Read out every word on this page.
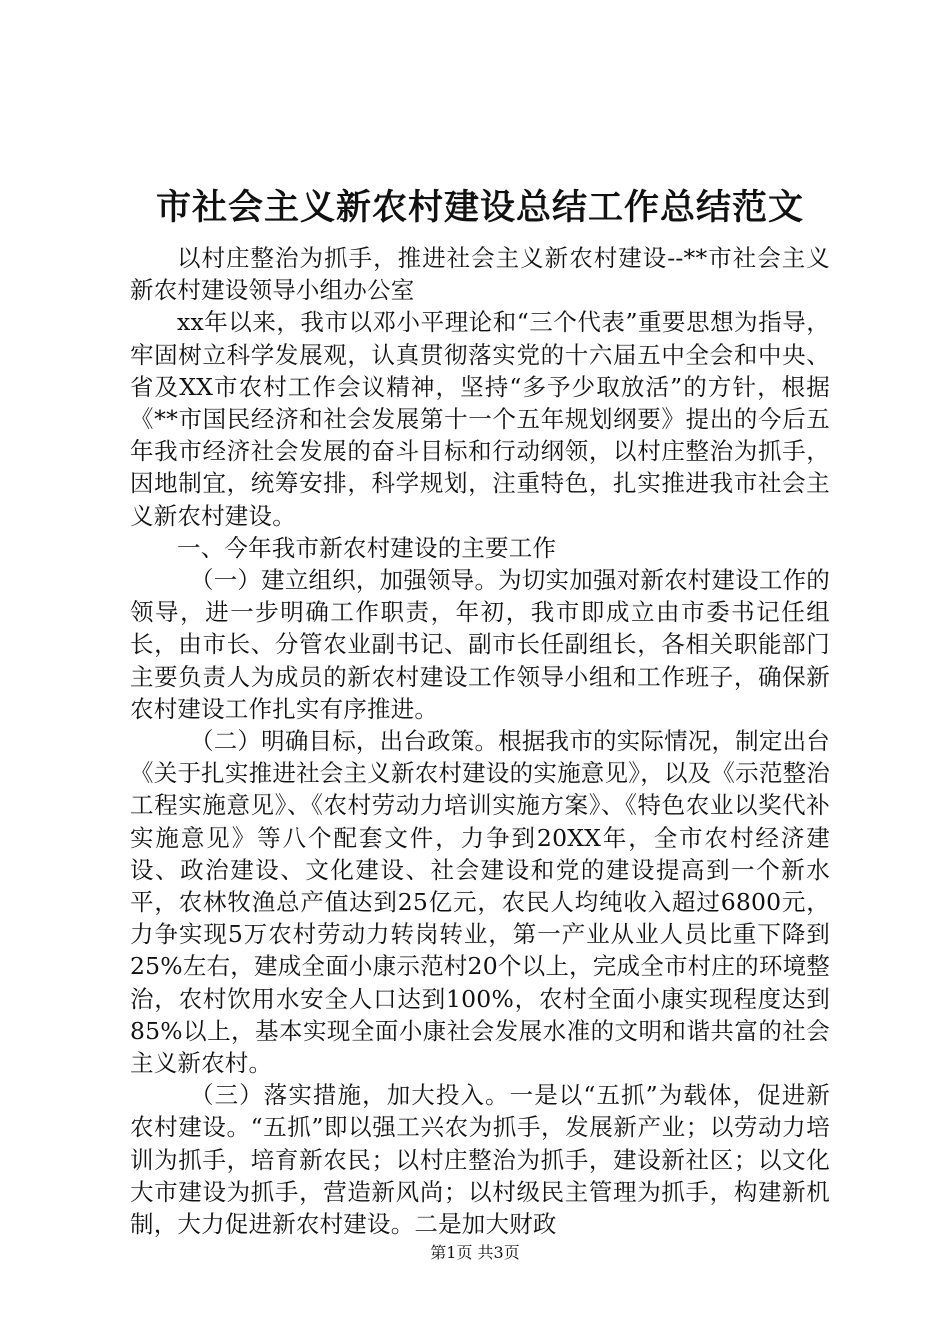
市社会主义新农村建设总结工作总结范文

以村庄整治为抓手，推进社会主义新农村建设--**市社会主义新农村建设领导小组办公室

xx年以来，我市以邓小平理论和“三个代表”重要思想为指导，牢固树立科学发展观，认真贯彻落实党的十六届五中全会和中央、省及XX市农村工作会议精神，坚持“多予少取放活”的方针，根据《**市国民经济和社会发展第十一个五年规划纲要》提出的今后五年我市经济社会发展的奋斗目标和行动纲领，以村庄整治为抓手，因地制宜，统筹安排，科学规划，注重特色，扎实推进我市社会主义新农村建设。

一、今年我市新农村建设的主要工作

（一）建立组织，加强领导。为切实加强对新农村建设工作的领导，进一步明确工作职责，年初，我市即成立由市委书记任组长，由市长、分管农业副书记、副市长任副组长，各相关职能部门主要负责人为成员的新农村建设工作领导小组和工作班子，确保新农村建设工作扎实有序推进。

（二）明确目标，出台政策。根据我市的实际情况，制定出台《关于扎实推进社会主义新农村建设的实施意见》，以及《示范整治工程实施意见》、《农村劳动力培训实施方案》、《特色农业以奖代补实施意见》等八个配套文件，力争到20XX年，全市农村经济建设、政治建设、文化建设、社会建设和党的建设提高到一个新水平，农林牧渔总产值达到25亿元，农民人均纯收入超过6800元，力争实现5万农村劳动力转岗转业，第一产业从业人员比重下降到25%左右，建成全面小康示范村20个以上，完成全市村庄的环境整治，农村饮用水安全人口达到100%，农村全面小康实现程度达到85%以上，基本实现全面小康社会发展水准的文明和谐共富的社会主义新农村。

（三）落实措施，加大投入。一是以“五抓”为载体，促进新农村建设。“五抓”即以强工兴农为抓手，发展新产业；以劳动力培训为抓手，培育新农民；以村庄整治为抓手，建设新社区；以文化大市建设为抓手，营造新风尚；以村级民主管理为抓手，构建新机制，大力促进新农村建设。二是加大财政

第1页 共3页
